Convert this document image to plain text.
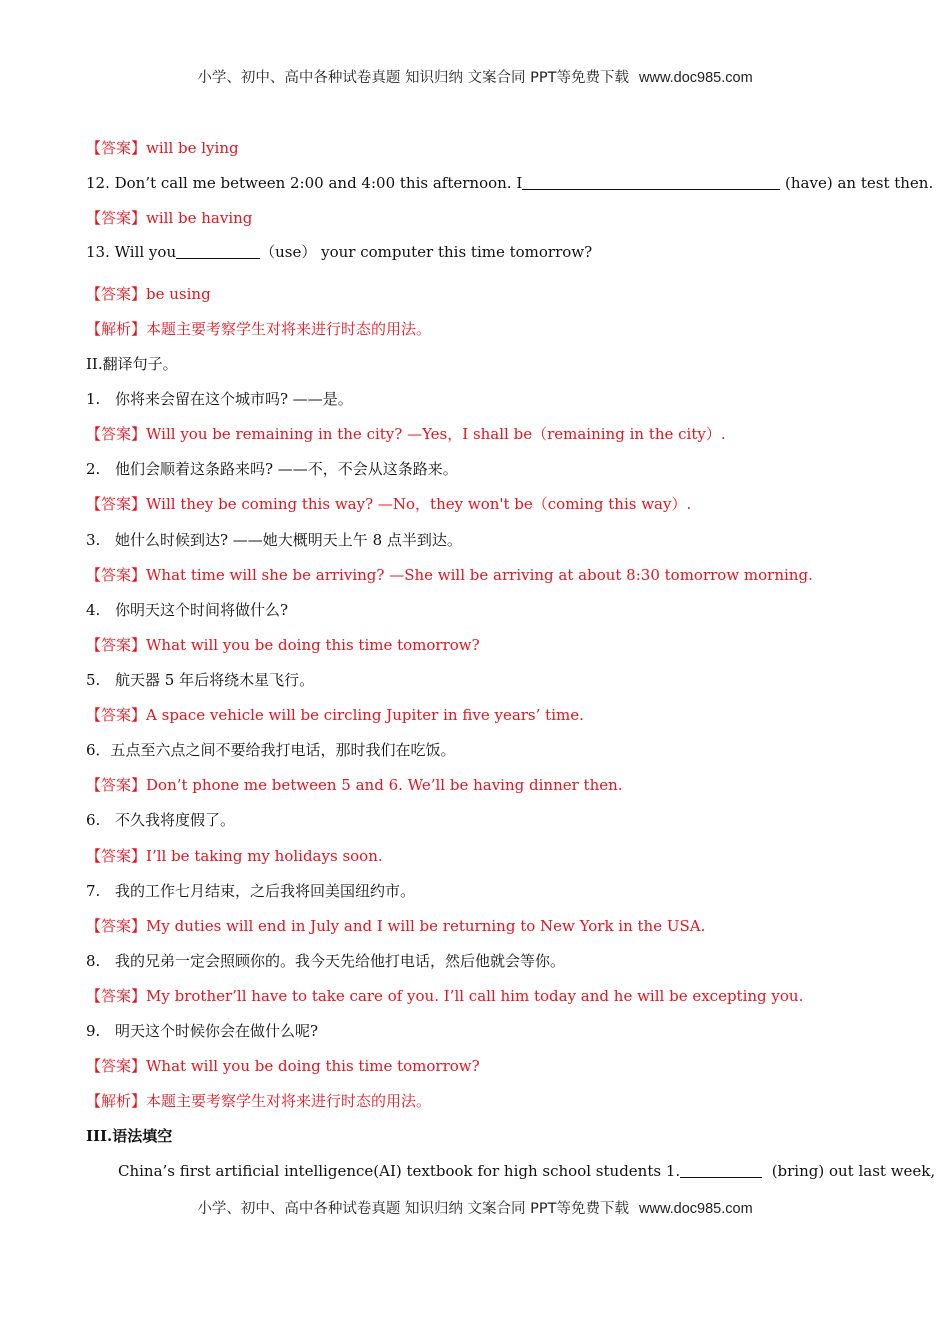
小学、初中、高中各种试卷真题 知识归纳 文案合同 PPT等免费下载 www.doc985.com
【答案】will be lying
12. Don’t call me between 2:00 and 4:00 this afternoon. I	(have) an test then.
【答案】will be having
13. Will you	（use） your computer this time tomorrow?
【答案】be using
【解析】本题主要考察学生对将来进行时态的用法。
II.翻译句子。
1. 你将来会留在这个城市吗? ——是。
【答案】Will you be remaining in the city? —Yes，I shall be（remaining in the city）.
2. 他们会顺着这条路来吗? ——不，不会从这条路来。
【答案】Will they be coming this way? —No，they won't be（coming this way）.
3. 她什么时候到达? ——她大概明天上午 8 点半到达。
【答案】What time will she be arriving? —She will be arriving at about 8:30 tomorrow morning.
4. 你明天这个时间将做什么?
【答案】What will you be doing this time tomorrow?
5. 航天器 5 年后将绕木星飞行。
【答案】A space vehicle will be circling Jupiter in five years’ time.
6．五点至六点之间不要给我打电话，那时我们在吃饭。
【答案】Don’t phone me between 5 and 6. We’ll be having dinner then.
6. 不久我将度假了。
【答案】I’ll be taking my holidays soon.
7. 我的工作七月结束，之后我将回美国纽约市。
【答案】My duties will end in July and I will be returning to New York in the USA.
8. 我的兄弟一定会照顾你的。我今天先给他打电话，然后他就会等你。
【答案】My brother’ll have to take care of you. I’ll call him today and he will be excepting you.
9. 明天这个时候你会在做什么呢?
【答案】What will you be doing this time tomorrow?
【解析】本题主要考察学生对将来进行时态的用法。
III.语法填空
China’s first artificial intelligence(AI) textbook for high school students 1.	(bring) out last week,
小学、初中、高中各种试卷真题 知识归纳 文案合同 PPT等免费下载 www.doc985.com
